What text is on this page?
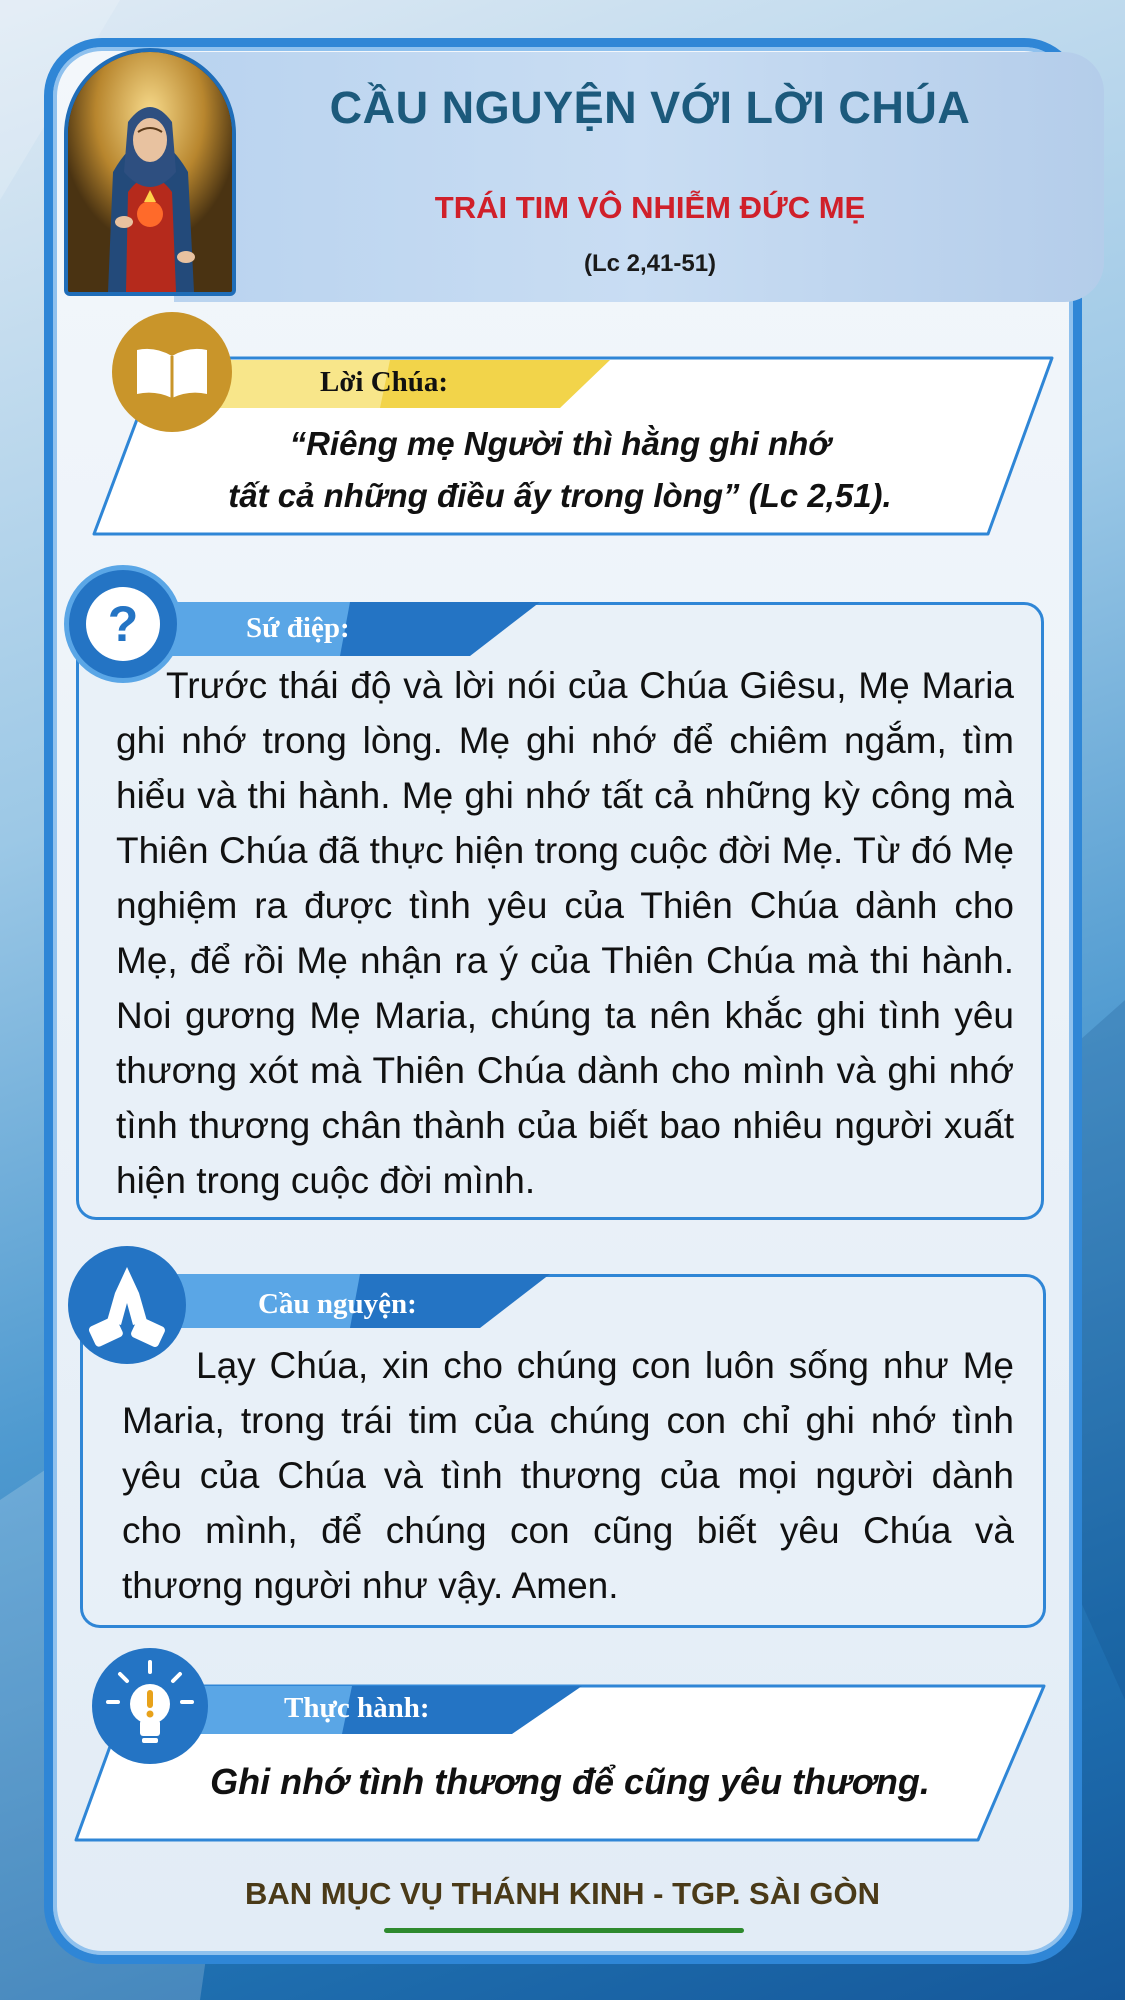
CẦU NGUYỆN VỚI LỜI CHÚA
TRÁI TIM VÔ NHIỄM ĐỨC MẸ
(Lc 2,41-51)
Lời Chúa:
“Riêng mẹ Người thì hằng ghi nhớ
tất cả những điều ấy trong lòng” (Lc 2,51).
?	Sứ điệp:
Trước thái độ và lời nói của Chúa Giêsu, Mẹ Maria ghi nhớ trong lòng. Mẹ ghi nhớ để chiêm ngắm, tìm hiểu và thi hành. Mẹ ghi nhớ tất cả những kỳ công mà Thiên Chúa đã thực hiện trong cuộc đời Mẹ. Từ đó Mẹ nghiệm ra được tình yêu của Thiên Chúa dành cho Mẹ, để rồi Mẹ nhận ra ý của Thiên Chúa mà thi hành. Noi gương Mẹ Maria, chúng ta nên khắc ghi tình yêu thương xót mà Thiên Chúa dành cho mình và ghi nhớ tình thương chân thành của biết bao nhiêu người xuất hiện trong cuộc đời mình.
Cầu nguyện:
Lạy Chúa, xin cho chúng con luôn sống như Mẹ Maria, trong trái tim của chúng con chỉ ghi nhớ tình yêu của Chúa và tình thương của mọi người dành cho mình, để chúng con cũng biết yêu Chúa và thương người như vậy. Amen.
Thực hành:
Ghi nhớ tình thương để cũng yêu thương.
BAN MỤC VỤ THÁNH KINH - TGP. SÀI GÒN
